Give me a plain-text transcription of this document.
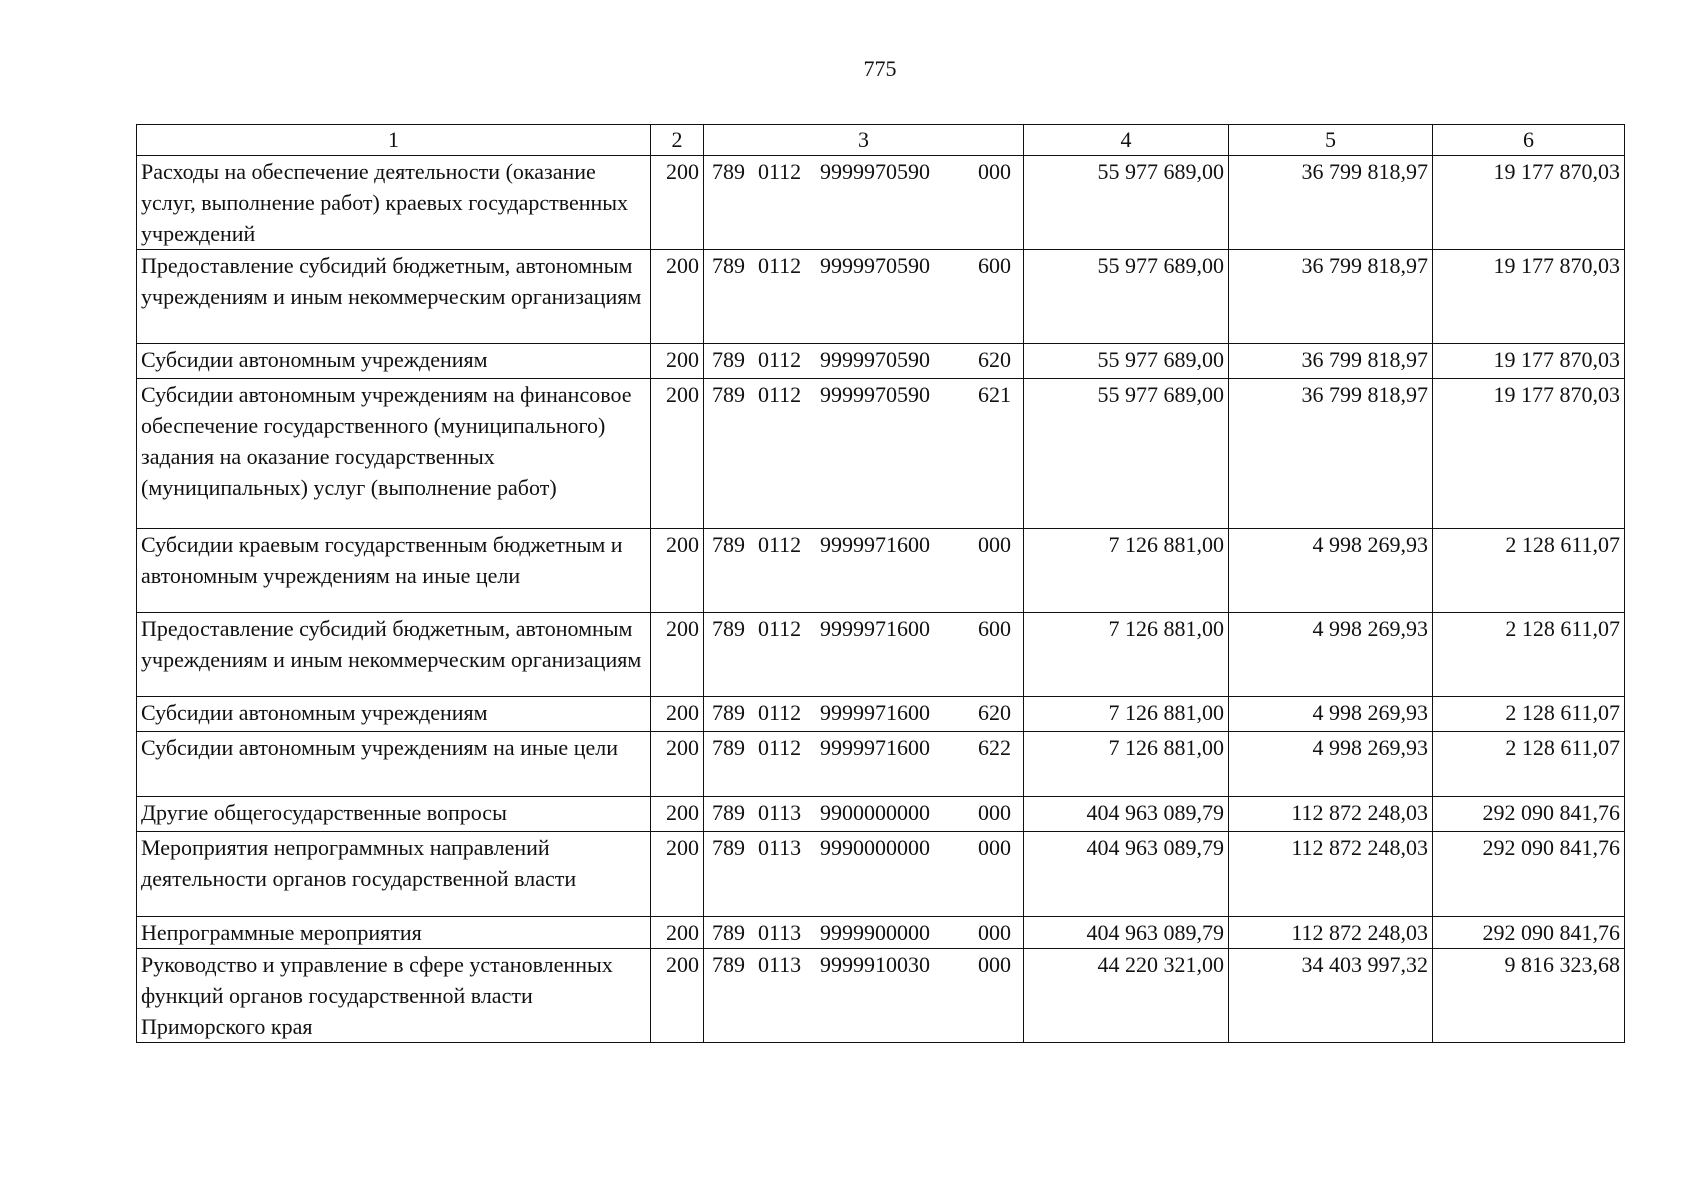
775
1	2	3	4	5	6
Расходы на обеспечение деятельности (оказание услуг, выполнение работ) краевых государственных учреждений	200	789 0112 9999970590 000	55 977 689,00	36 799 818,97	19 177 870,03
Предоставление субсидий бюджетным, автономным учреждениям и иным некоммерческим организациям	200	789 0112 9999970590 600	55 977 689,00	36 799 818,97	19 177 870,03
Субсидии автономным учреждениям	200	789 0112 9999970590 620	55 977 689,00	36 799 818,97	19 177 870,03
Субсидии автономным учреждениям на финансовое обеспечение государственного (муниципального) задания на оказание государственных (муниципальных) услуг (выполнение работ)	200	789 0112 9999970590 621	55 977 689,00	36 799 818,97	19 177 870,03
Субсидии краевым государственным бюджетным и автономным учреждениям на иные цели	200	789 0112 9999971600 000	7 126 881,00	4 998 269,93	2 128 611,07
Предоставление субсидий бюджетным, автономным учреждениям и иным некоммерческим организациям	200	789 0112 9999971600 600	7 126 881,00	4 998 269,93	2 128 611,07
Субсидии автономным учреждениям	200	789 0112 9999971600 620	7 126 881,00	4 998 269,93	2 128 611,07
Субсидии автономным учреждениям на иные цели	200	789 0112 9999971600 622	7 126 881,00	4 998 269,93	2 128 611,07
Другие общегосударственные вопросы	200	789 0113 9900000000 000	404 963 089,79	112 872 248,03	292 090 841,76
Мероприятия непрограммных направлений деятельности органов государственной власти	200	789 0113 9990000000 000	404 963 089,79	112 872 248,03	292 090 841,76
Непрограммные мероприятия	200	789 0113 9999900000 000	404 963 089,79	112 872 248,03	292 090 841,76
Руководство и управление в сфере установленных функций органов государственной власти Приморского края	200	789 0113 9999910030 000	44 220 321,00	34 403 997,32	9 816 323,68
